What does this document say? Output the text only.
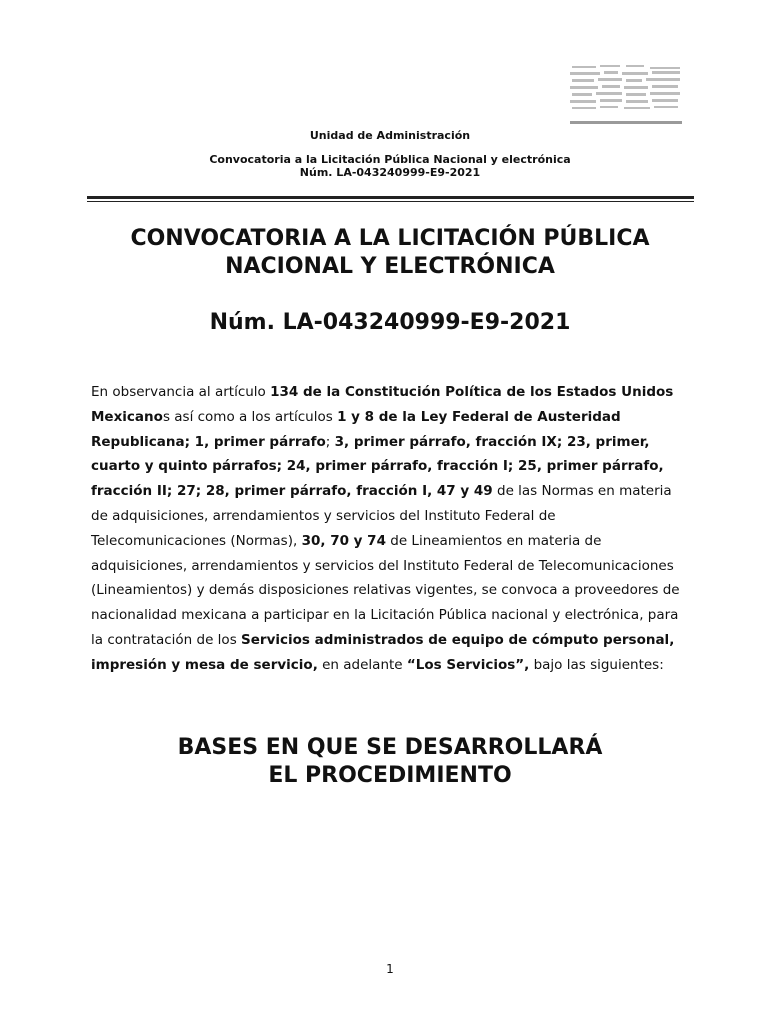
Unidad de Administración
Convocatoria a la Licitación Pública Nacional y electrónica
Núm. LA-043240999-E9-2021
CONVOCATORIA A LA LICITACIÓN PÚBLICA
NACIONAL Y ELECTRÓNICA
Núm. LA-043240999-E9-2021

En observancia al artículo 134 de la Constitución Política de los Estados Unidos Mexicanos así como a los artículos 1 y 8 de la Ley Federal de Austeridad Republicana; 1, primer párrafo; 3, primer párrafo, fracción IX; 23, primer, cuarto y quinto párrafos; 24, primer párrafo, fracción I; 25, primer párrafo, fracción II; 27; 28, primer párrafo, fracción I, 47 y 49 de las Normas en materia de adquisiciones, arrendamientos y servicios del Instituto Federal de Telecomunicaciones (Normas), 30, 70 y 74 de Lineamientos en materia de adquisiciones, arrendamientos y servicios del Instituto Federal de Telecomunicaciones (Lineamientos) y demás disposiciones relativas vigentes, se convoca a proveedores de nacionalidad mexicana a participar en la Licitación Pública nacional y electrónica, para la contratación de los Servicios administrados de equipo de cómputo personal, impresión y mesa de servicio, en adelante “Los Servicios”, bajo las siguientes:

BASES EN QUE SE DESARROLLARÁ
EL PROCEDIMIENTO
1
